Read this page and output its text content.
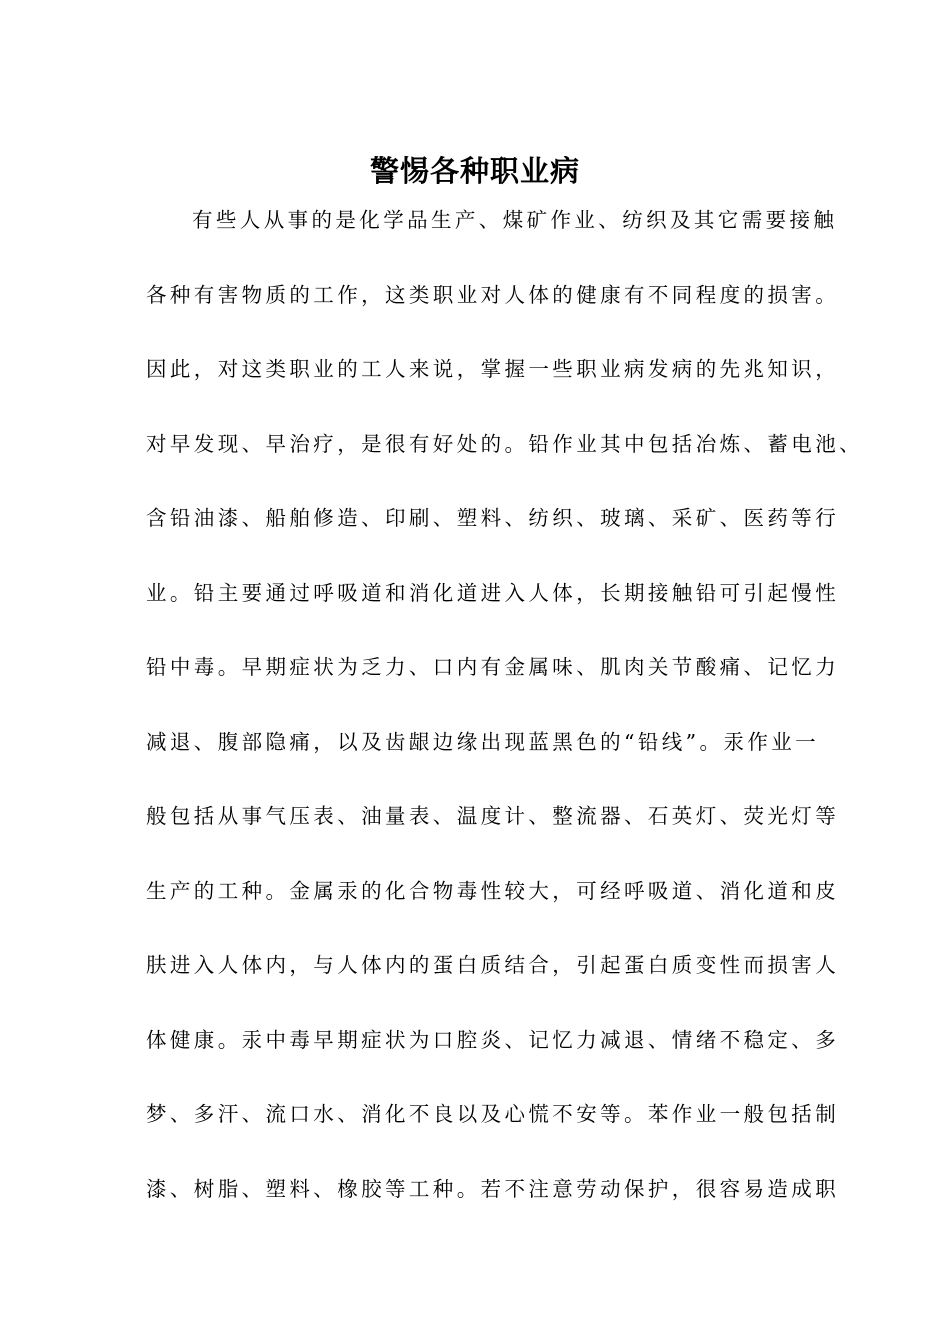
警惕各种职业病
有些人从事的是化学品生产、煤矿作业、纺织及其它需要接触
各种有害物质的工作，这类职业对人体的健康有不同程度的损害。
因此，对这类职业的工人来说，掌握一些职业病发病的先兆知识，
对早发现、早治疗，是很有好处的。铅作业其中包括冶炼、蓄电池、
含铅油漆、船舶修造、印刷、塑料、纺织、玻璃、采矿、医药等行
业。铅主要通过呼吸道和消化道进入人体，长期接触铅可引起慢性
铅中毒。早期症状为乏力、口内有金属味、肌肉关节酸痛、记忆力
减退、腹部隐痛，以及齿龈边缘出现蓝黑色的“铅线”。汞作业一
般包括从事气压表、油量表、温度计、整流器、石英灯、荧光灯等
生产的工种。金属汞的化合物毒性较大，可经呼吸道、消化道和皮
肤进入人体内，与人体内的蛋白质结合，引起蛋白质变性而损害人
体健康。汞中毒早期症状为口腔炎、记忆力减退、情绪不稳定、多
梦、多汗、流口水、消化不良以及心慌不安等。苯作业一般包括制
漆、树脂、塑料、橡胶等工种。若不注意劳动保护，很容易造成职
